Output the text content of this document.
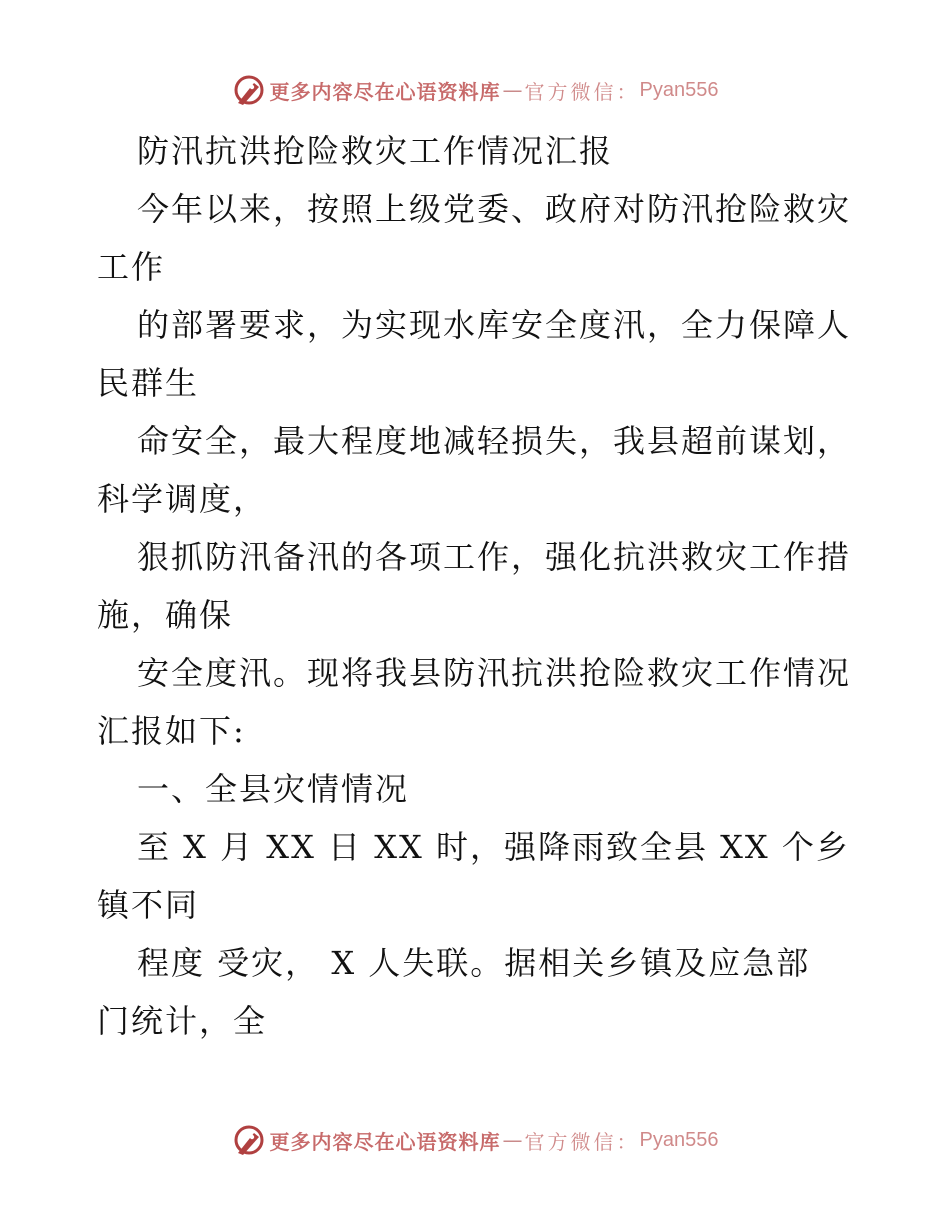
更多内容尽在心语资料库 — 官方微信： Pyan556
防汛抗洪抢险救灾工作情况汇报
今年以来，按照上级党委、政府对防汛抢险救灾
工作
的部署要求，为实现水库安全度汛，全力保障人
民群生
命安全，最大程度地减轻损失，我县超前谋划，
科学调度，
狠抓防汛备汛的各项工作，强化抗洪救灾工作措
施，确保
安全度汛。现将我县防汛抗洪抢险救灾工作情况
汇报如下:
一、全县灾情情况
至 X 月 XX 日 XX 时，强降雨致全县 XX 个乡
镇不同
程度 受灾， X 人失联。据相关乡镇及应急部
门统计，全
更多内容尽在心语资料库 — 官方微信： Pyan556
